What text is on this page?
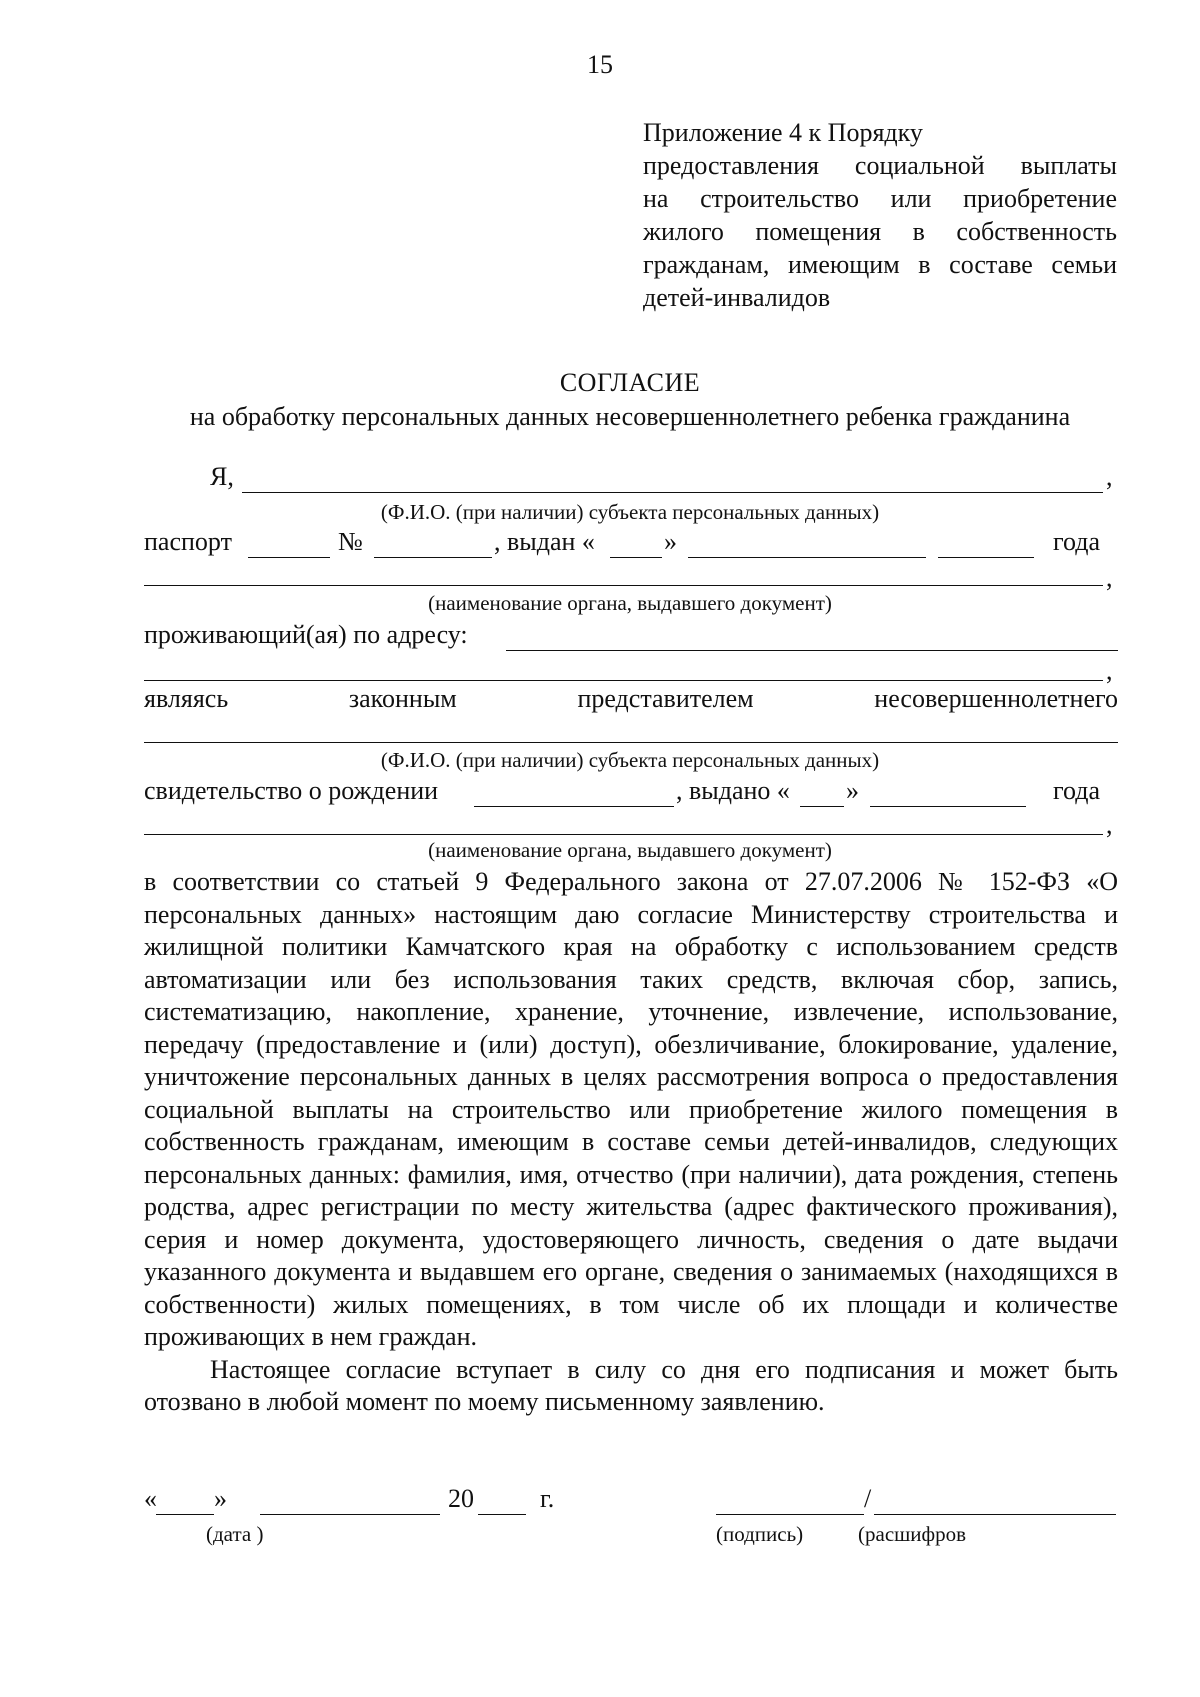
15
Приложение 4 к Порядку
предоставления социальной выплаты
на строительство или приобретение
жилого помещения в собственность
гражданам, имеющим в составе семьи
детей-инвалидов
СОГЛАСИЕ
на обработку персональных данных несовершеннолетнего ребенка гражданина
Я,	,
(Ф.И.О. (при наличии) субъекта персональных данных)
паспорт	№	, выдан «	»	года
,
(наименование органа, выдавшего документ)
проживающий(ая) по адресу:
,
являясь	законным	представителем	несовершеннолетнего
(Ф.И.О. (при наличии) субъекта персональных данных)
свидетельство о рождении	, выдано « »	года
,
(наименование органа, выдавшего документ)

в соответствии со статьей 9 Федерального закона от 27.07.2006 № 152-ФЗ «О персональных данных» настоящим даю согласие Министерству строительства и жилищной политики Камчатского края на обработку с использованием средств автоматизации или без использования таких средств, включая сбор, запись, систематизацию, накопление, хранение, уточнение, извлечение, использование, передачу (предоставление и (или) доступ), обезличивание, блокирование, удаление, уничтожение персональных данных в целях рассмотрения вопроса о предоставления социальной выплаты на строительство или приобретение жилого помещения в собственность гражданам, имеющим в составе семьи детей-инвалидов, следующих персональных данных: фамилия, имя, отчество (при наличии), дата рождения, степень родства, адрес регистрации по месту жительства (адрес фактического проживания), серия и номер документа, удостоверяющего личность, сведения о дате выдачи указанного документа и выдавшем его органе, сведения о занимаемых (находящихся в собственности) жилых помещениях, в том числе об их площади и количестве проживающих в нем граждан.

Настоящее согласие вступает в силу со дня его подписания и может быть отозвано в любой момент по моему письменному заявлению.

« »	20	г.	/
(дата )	(подпись)	(расшифров
